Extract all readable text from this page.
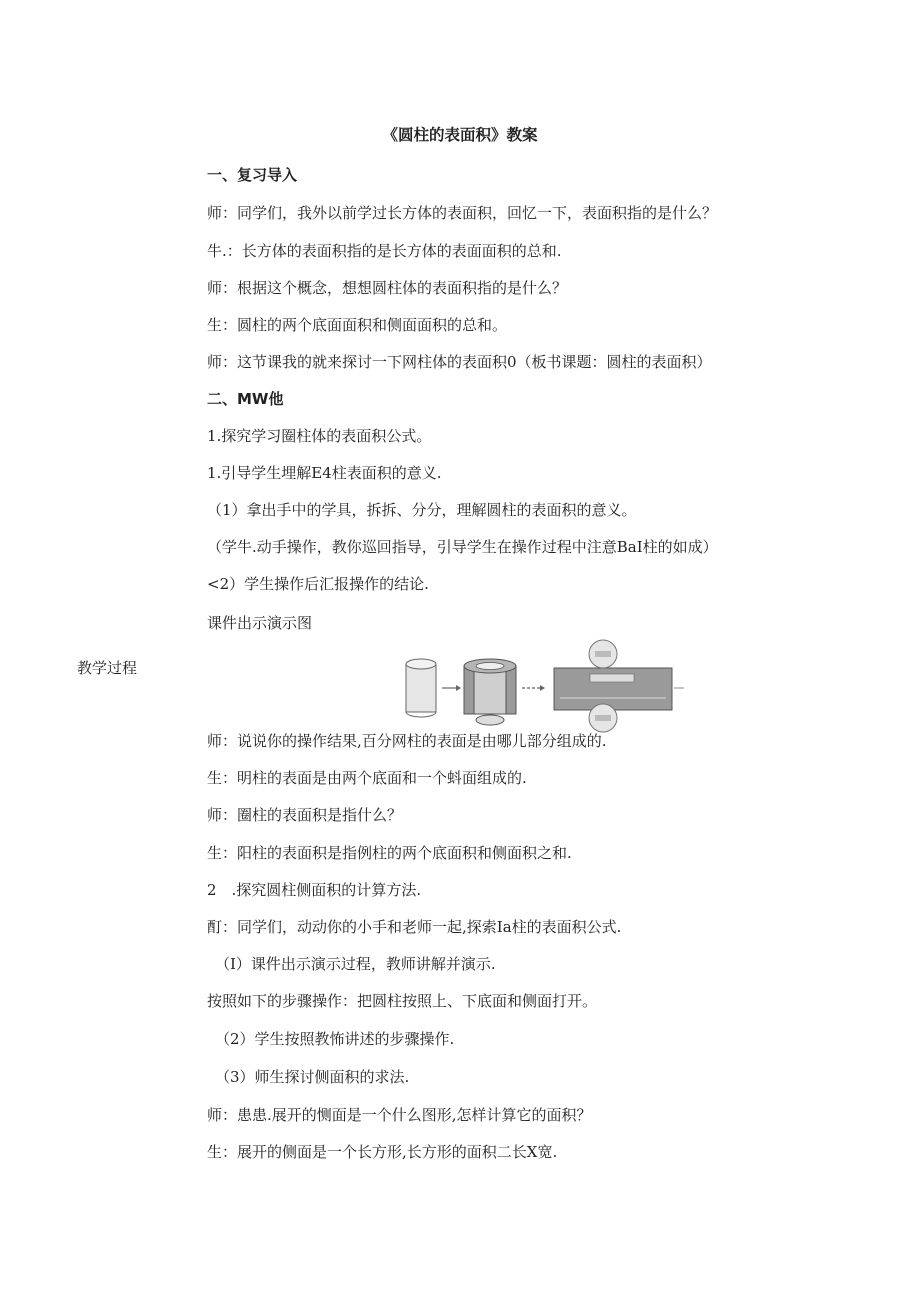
《圆柱的表面积》教案
一、复习导入
师：同学们，我外以前学过长方体的表面积，回忆一下，表面积指的是什么？
牛.：长方体的表面积指的是长方体的表面面积的总和.
师：根据这个概念，想想圆柱体的表面积指的是什么？
生：圆柱的两个底面面积和侧面面积的总和。
师：这节课我的就来探讨一下网柱体的表面积0（板书课题：圆柱的表面积）
二、MW他
1.探究学习圈柱体的表面积公式。
1.引导学生埋解E4柱表面积的意义.
（1）拿出手中的学具，拆拆、分分，理解圆柱的表面积的意义。
（学牛.动手操作，教你巡回指导，引导学生在操作过程中注意BaI柱的如成）
<2）学生操作后汇报操作的结论.
课件出示演示图
教学过程
师：说说你的操作结果,百分网柱的表面是由哪儿部分组成的.
生：明柱的表面是由两个底面和一个蚪面组成的.
师：圈柱的表面积是指什么？
生：阳柱的表面积是指例柱的两个底面积和侧面积之和.
2　.探究圆柱侧面积的计算方法.
酊：同学们，动动你的小手和老师一起,探索Ia柱的表面积公式.
（I）课件出示演示过程，教师讲解并演示.
按照如下的步骤操作：把圆柱按照上、下底面和侧面打开。
（2）学生按照教怖讲述的步骤操作.
（3）师生探讨侧面积的求法.
师：患患.展开的恻面是一个什么图形,怎样计算它的面积？
生：展开的侧面是一个长方形,长方形的面积二长X宽.
